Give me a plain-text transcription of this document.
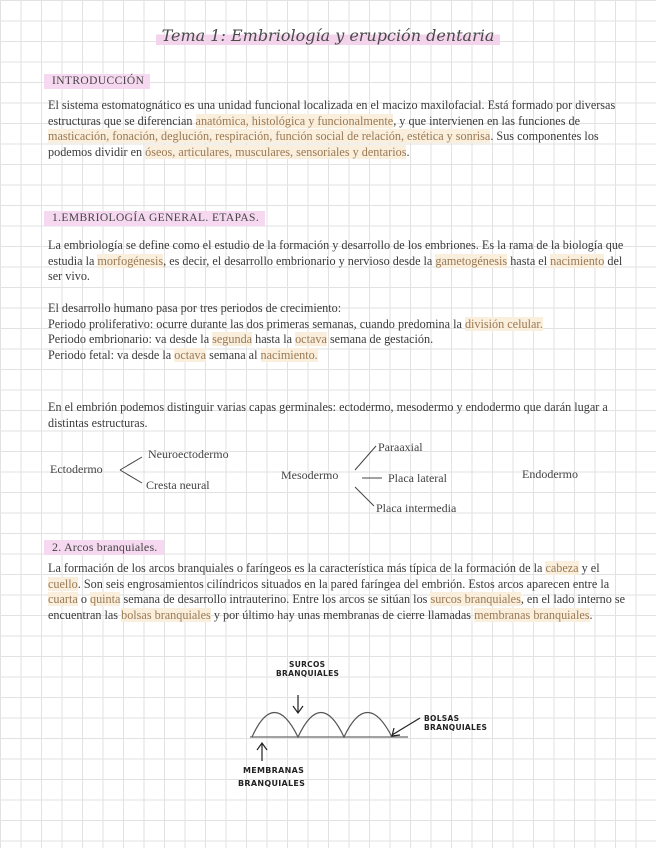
Tema 1: Embriología y erupción dentaria
INTRODUCCIÓN
El sistema estomatognático es una unidad funcional localizada en el macizo maxilofacial. Está formado por diversas estructuras que se diferencian anatómica, histológica y funcionalmente, y que intervienen en las funciones de masticación, fonación, deglución, respiración, función social de relación, estética y sonrisa. Sus componentes los podemos dividir en óseos, articulares, musculares, sensoriales y dentarios.
1.EMBRIOLOGÍA GENERAL. ETAPAS.
La embriología se define como el estudio de la formación y desarrollo de los embriones. Es la rama de la biología que estudia la morfogénesis, es decir, el desarrollo embrionario y nervioso desde la gametogénesis hasta el nacimiento del ser vivo.
El desarrollo humano pasa por tres periodos de crecimiento:
Periodo proliferativo: ocurre durante las dos primeras semanas, cuando predomina la división celular.
Periodo embrionario: va desde la segunda hasta la octava semana de gestación.
Periodo fetal: va desde la octava semana al nacimiento.
En el embrión podemos distinguir varias capas germinales: ectodermo, mesodermo y endodermo que darán lugar a distintas estructuras.
Ectodermo
Neuroectodermo
Cresta neural
Mesodermo
Paraaxial
Placa lateral
Placa intermedia
Endodermo
2. Arcos branquiales.
La formación de los arcos branquiales o faríngeos es la característica más típica de la formación de la cabeza y el cuello. Son seis engrosamientos cilíndricos situados en la pared faríngea del embrión. Estos arcos aparecen entre la cuarta o quinta semana de desarrollo intrauterino. Entre los arcos se sitúan los surcos branquiales, en el lado interno se encuentran las bolsas branquiales y por último hay unas membranas de cierre llamadas membranas branquiales.
SURCOS
BRANQUIALES
BOLSAS
BRANQUIALES
MEMBRANAS
BRANQUIALES
